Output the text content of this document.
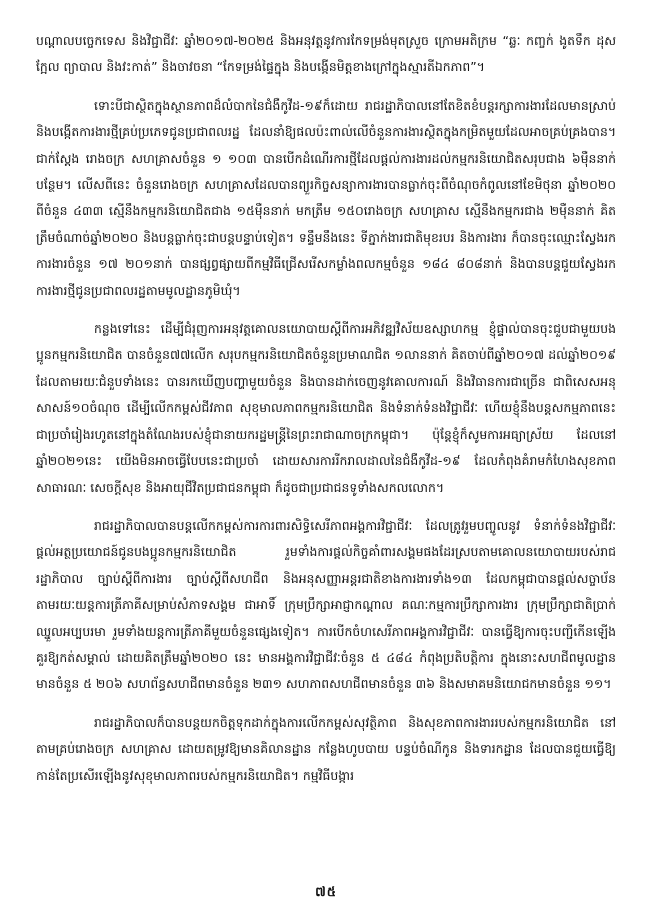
បណ្តាលបច្ចេកទេស និងវិជ្ជាជីវៈ ឆ្នាំ២០១៧-២០២៥ និងអនុវត្តនូវការកែទម្រង់មុតស្រួច ក្រោមអតិក្រម “ឆ្លៈ កញ្ចក់ ងូតទឹក ដុសក្អែល ព្យាបាល និងវះកាត់” និងចាវចនា “កែទម្រង់ផ្ទៃក្នុង និងបង្កើនមិត្តខាងក្រៅក្នុងស្មារតីឯកភាព”។

ទោះបីជាស្ថិតក្នុងស្ថានភាពដ៏លំបាកនៃជំងឺកូវីដ-១៩ក៏ដោយ រាជរដ្ឋាភិបាលនៅតែខិតខំបន្តរក្សាការងារដែលមានស្រាប់ និងបង្កើតការងារថ្មីគ្រប់ប្រភេទជូនប្រជាពលរដ្ឋ ដែលនាំឱ្យផលប៉ះពាល់លើចំនួនការងារស្ថិតក្នុងកម្រិតមួយដែលអាចគ្រប់គ្រងបាន។ ជាក់ស្តែង រោងចក្រ សហគ្រាសចំនួន ១ ១០៣ បានបើកដំណើរការថ្មីដែលផ្តល់ការងារដល់កម្មករនិយោជិតសរុបជាង ៦ម៉ឺននាក់បន្ថែម។ លើសពីនេះ ចំនួនរោងចក្រ សហគ្រាសដែលបានព្យួរកិច្ចសន្យាការងារបានធ្លាក់ចុះពីចំណុចកំពូលនៅខែមិថុនា ឆ្នាំ២០២០ ពីចំនួន ៤៣៣ ស្មើនឹងកម្មករនិយោជិតជាង ១៥ម៉ឺននាក់ មកត្រឹម ១៥០រោងចក្រ សហគ្រាស ស្មើនឹងកម្មករជាង ២ម៉ឺននាក់ គិតត្រឹមចំណាច់ឆ្នាំ២០២០ និងបន្តធ្លាក់ចុះជាបន្តបន្ទាប់ទៀត។ ទន្ទឹមនឹងនេះ ទីភ្នាក់ងារជាតិមុខរបរ និងការងារ ក៏បានចុះឈ្មោះស្វែងរកការងារចំនួន ១៧ ២០១នាក់ បានផ្សព្វផ្សាយពីកម្មវិធីជ្រើសរើសកម្លាំងពលកម្មចំនួន ១៨៤ ៨០៨នាក់ និងបានបន្តជួយស្វែងរកការងារថ្មីជូនប្រជាពលរដ្ឋតាមមូលដ្ឋានភូមិឃុំ។

កន្លងទៅនេះ ដើម្បីជំរុញការអនុវត្តគោលនយោបាយស្តីពីការអភិវឌ្ឍវិស័យឧស្សាហកម្ម ខ្ញុំផ្ទាល់បានចុះជួបជាមួយបងប្អូនកម្មករនិយោជិត បានចំនួន៧៧លើក សរុបកម្មករនិយោជិតចំនួនប្រមាណជិត ១លាននាក់ គិតចាប់ពីឆ្នាំ២០១៧ ដល់ឆ្នាំ២០១៩ ដែលតាមរយៈជំនួបទាំងនេះ បានរកឃើញបញ្ហាមួយចំនួន និងបានដាក់ចេញនូវគោលការណ៍ និងវិធានការជាច្រើន ជាពិសេសអនុសាសន៍១០ចំណុច ដើម្បីលើកកម្ពស់ជីវភាព សុខុមាលភាពកម្មករនិយោជិត និងទំនាក់ទំនងវិជ្ជាជីវៈ ហើយខ្ញុំនឹងបន្តសកម្មភាពនេះជាប្រចាំរៀងរហូតនៅក្នុងតំណែងរបស់ខ្ញុំជានាយករដ្ឋមន្ត្រីនៃព្រះរាជាណាចក្រកម្ពុជា។ ប៉ុន្តែខ្ញុំក៏សូមការអធ្យាស្រ័យ ដែលនៅឆ្នាំ២០២១នេះ យើងមិនអាចធ្វើបែបនេះជាប្រចាំ ដោយសារការរីករាលដាលនៃជំងឺកូវីដ-១៩ ដែលកំពុងគំរាមកំហែងសុខភាពសាធារណៈ សេចក្តីសុខ និងអាយុជីវិតប្រជាជនកម្ពុជា ក៏ដូចជាប្រជាជនទូទាំងសកលលោក។

រាជរដ្ឋាភិបាលបានបន្តលើកកម្ពស់ការការពារសិទ្ធិសេរីភាពអង្គការវិជ្ជាជីវៈ ដែលត្រូវរួមបញ្ចូលនូវ ទំនាក់ទំនងវិជ្ជាជីវៈ ផ្តល់អត្ថប្រយោជន៍ជូនបងប្អូនកម្មករនិយោជិត រួមទាំងការផ្តល់កិច្ចគាំពារសង្គមផងដែរស្របតាមគោលនយោបាយរបស់រាជរដ្ឋាភិបាល ច្បាប់ស្តីពីការងារ ច្បាប់ស្តីពីសហជីព និងអនុសញ្ញាអន្តរជាតិខាងការងារទាំង១៣ ដែលកម្ពុជាបានផ្តល់សច្ចាប័ន តាមរយៈយន្តការត្រីភាគីសម្រាប់សំភាទសង្គម ជាអាទិ៍ ក្រុមប្រឹក្សាអាជ្ញាកណ្តាល គណៈកម្មការប្រឹក្សាការងារ ក្រុមប្រឹក្សាជាតិប្រាក់ឈ្នួលអប្បបរមា រួមទាំងយន្តការត្រីភាគីមួយចំនួនផ្សេងទៀត។ ការបើកចំហសេរីភាពអង្គការវិជ្ជាជីវៈ បានធ្វើឱ្យការចុះបញ្ជីកើនឡើងគួរឱ្យកត់សម្គាល់ ដោយគិតត្រឹមឆ្នាំ២០២០ នេះ មានអង្គការវិជ្ជាជីវៈចំនួន ៥ ៤៨៤ កំពុងប្រតិបត្តិការ ក្នុងនោះសហជីពមូលដ្ឋានមានចំនួន ៥ ២០៦ សហព័ន្ធសហជីពមានចំនួន ២៣១ សហភាពសហជីពមានចំនួន ៣៦ និងសមាគមនិយោជកមានចំនួន ១១។

រាជរដ្ឋាភិបាលក៏បានបន្តយកចិត្តទុកដាក់ក្នុងការលើកកម្ពស់សុវត្ថិភាព និងសុខភាពការងាររបស់កម្មករនិយោជិត នៅតាមគ្រប់រោងចក្រ សហគ្រាស ដោយតម្រូវឱ្យមានគិលានដ្ឋាន កន្លែងហូបបាយ បន្ទប់ចំណីកូន និងទារកដ្ឋាន ដែលបានជួយធ្វើឱ្យកាន់តែប្រសើរឡើងនូវសុខុមាលភាពរបស់កម្មករនិយោជិត។ កម្មវិធីបង្ការ

៧៥
